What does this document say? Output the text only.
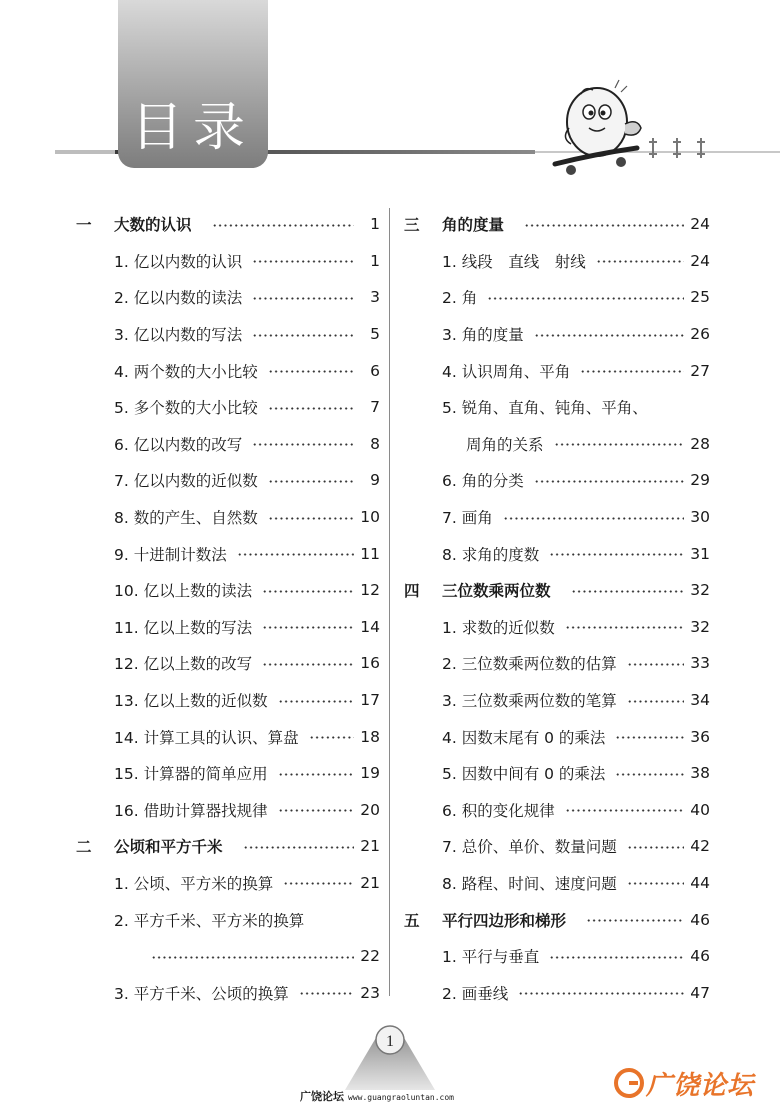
目录
一	大数的认识	1
1. 亿以内数的认识	1
2. 亿以内数的读法	3
3. 亿以内数的写法	5
4. 两个数的大小比较	6
5. 多个数的大小比较	7
6. 亿以内数的改写	8
7. 亿以内数的近似数	9
8. 数的产生、自然数	10
9. 十进制计数法	11
10. 亿以上数的读法	12
11. 亿以上数的写法	14
12. 亿以上数的改写	16
13. 亿以上数的近似数	17
14. 计算工具的认识、算盘	18
15. 计算器的简单应用	19
16. 借助计算器找规律	20
二	公顷和平方千米	21
1. 公顷、平方米的换算	21
2. 平方千米、平方米的换算
22
3. 平方千米、公顷的换算	23
三	角的度量	24
1. 线段　直线　射线	24
2. 角	25
3. 角的度量	26
4. 认识周角、平角	27
5. 锐角、直角、钝角、平角、
周角的关系	28
6. 角的分类	29
7. 画角	30
8. 求角的度数	31
四	三位数乘两位数	32
1. 求数的近似数	32
2. 三位数乘两位数的估算	33
3. 三位数乘两位数的笔算	34
4. 因数末尾有 0 的乘法	36
5. 因数中间有 0 的乘法	38
6. 积的变化规律	40
7. 总价、单价、数量问题	42
8. 路程、时间、速度问题	44
五	平行四边形和梯形	46
1. 平行与垂直	46
2. 画垂线	47
1
广饶论坛 www.guangraoluntan.com	广饶论坛
